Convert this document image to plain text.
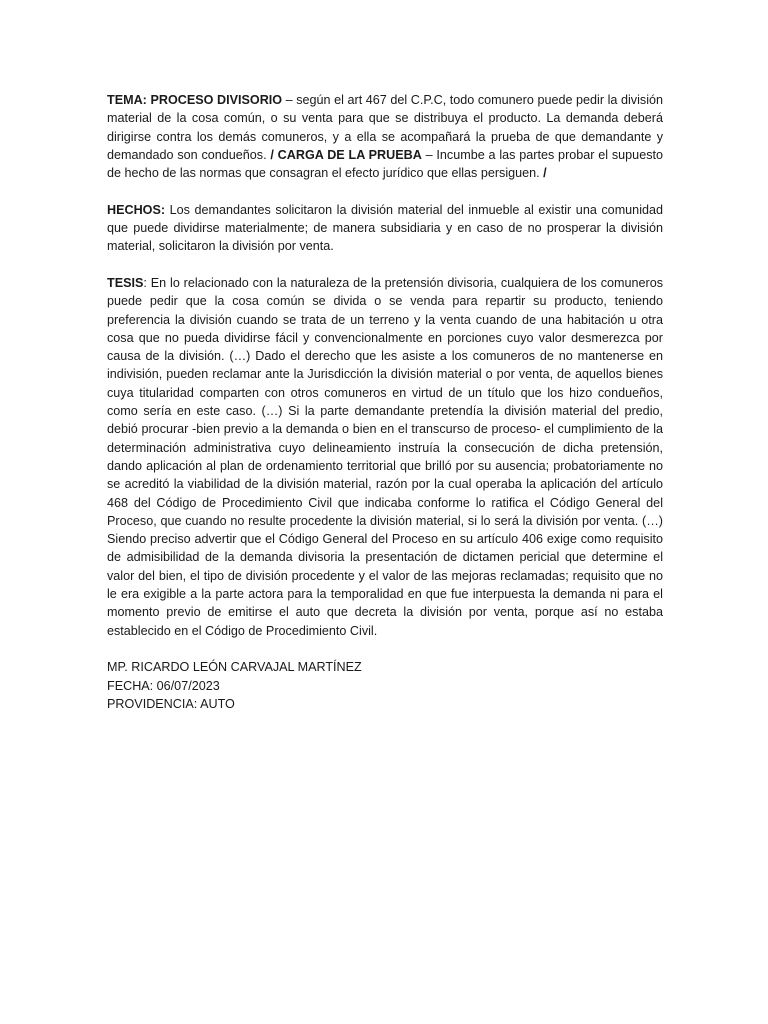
TEMA: PROCESO DIVISORIO – según el art 467 del C.P.C, todo comunero puede pedir la división material de la cosa común, o su venta para que se distribuya el producto. La demanda deberá dirigirse contra los demás comuneros, y a ella se acompañará la prueba de que demandante y demandado son condueños. / CARGA DE LA PRUEBA – Incumbe a las partes probar el supuesto de hecho de las normas que consagran el efecto jurídico que ellas persiguen. /

HECHOS: Los demandantes solicitaron la división material del inmueble al existir una comunidad que puede dividirse materialmente; de manera subsidiaria y en caso de no prosperar la división material, solicitaron la división por venta.

TESIS: En lo relacionado con la naturaleza de la pretensión divisoria, cualquiera de los comuneros puede pedir que la cosa común se divida o se venda para repartir su producto, teniendo preferencia la división cuando se trata de un terreno y la venta cuando de una habitación u otra cosa que no pueda dividirse fácil y convencionalmente en porciones cuyo valor desmerezca por causa de la división. (…) Dado el derecho que les asiste a los comuneros de no mantenerse en indivisión, pueden reclamar ante la Jurisdicción la división material o por venta, de aquellos bienes cuya titularidad comparten con otros comuneros en virtud de un título que los hizo condueños, como sería en este caso. (…) Si la parte demandante pretendía la división material del predio, debió procurar -bien previo a la demanda o bien en el transcurso de proceso- el cumplimiento de la determinación administrativa cuyo delineamiento instruía la consecución de dicha pretensión, dando aplicación al plan de ordenamiento territorial que brilló por su ausencia; probatoriamente no se acreditó la viabilidad de la división material, razón por la cual operaba la aplicación del artículo 468 del Código de Procedimiento Civil que indicaba conforme lo ratifica el Código General del Proceso, que cuando no resulte procedente la división material, si lo será la división por venta. (…) Siendo preciso advertir que el Código General del Proceso en su artículo 406 exige como requisito de admisibilidad de la demanda divisoria la presentación de dictamen pericial que determine el valor del bien, el tipo de división procedente y el valor de las mejoras reclamadas; requisito que no le era exigible a la parte actora para la temporalidad en que fue interpuesta la demanda ni para el momento previo de emitirse el auto que decreta la división por venta, porque así no estaba establecido en el Código de Procedimiento Civil.

MP. RICARDO LEÓN CARVAJAL MARTÍNEZ
FECHA: 06/07/2023
PROVIDENCIA: AUTO
